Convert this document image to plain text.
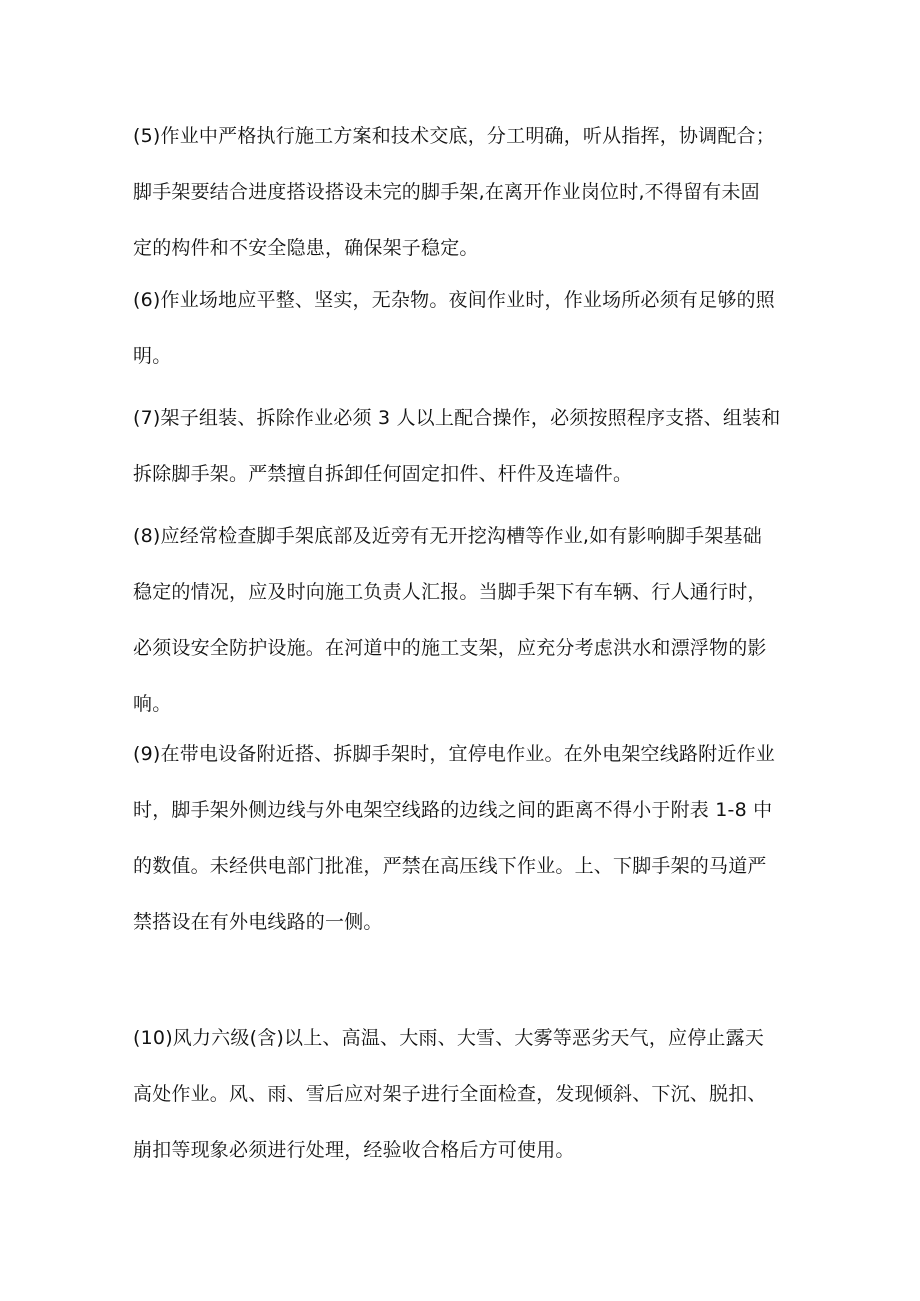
(5)作业中严格执行施工方案和技术交底，分工明确，听从指挥，协调配合；
脚手架要结合进度搭设搭设未完的脚手架,在离开作业岗位时,不得留有未固
定的构件和不安全隐患，确保架子稳定。
(6)作业场地应平整、坚实，无杂物。夜间作业时，作业场所必须有足够的照
明。
(7)架子组装、拆除作业必须 3 人以上配合操作，必须按照程序支搭、组装和
拆除脚手架。严禁擅自拆卸任何固定扣件、杆件及连墙件。
(8)应经常检查脚手架底部及近旁有无开挖沟槽等作业,如有影响脚手架基础
稳定的情况，应及时向施工负责人汇报。当脚手架下有车辆、行人通行时，
必须设安全防护设施。在河道中的施工支架，应充分考虑洪水和漂浮物的影
响。
(9)在带电设备附近搭、拆脚手架时，宜停电作业。在外电架空线路附近作业
时，脚手架外侧边线与外电架空线路的边线之间的距离不得小于附表 1-8 中
的数值。未经供电部门批准，严禁在高压线下作业。上、下脚手架的马道严
禁搭设在有外电线路的一侧。
(10)风力六级(含)以上、高温、大雨、大雪、大雾等恶劣天气，应停止露天
高处作业。风、雨、雪后应对架子进行全面检查，发现倾斜、下沉、脱扣、
崩扣等现象必须进行处理，经验收合格后方可使用。
